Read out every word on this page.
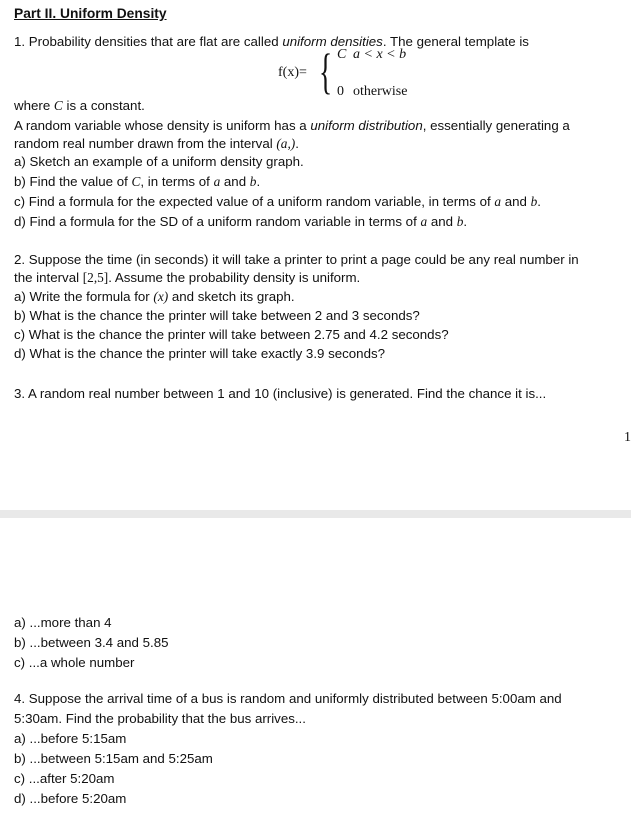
Part II. Uniform Density
1. Probability densities that are flat are called uniform densities. The general template is
f(x)= { C a < x < b
0 otherwise
where C is a constant.
A random variable whose density is uniform has a uniform distribution, essentially generating a
random real number drawn from the interval (a,).
a) Sketch an example of a uniform density graph.
b) Find the value of C, in terms of a and b.
c) Find a formula for the expected value of a uniform random variable, in terms of a and b.
d) Find a formula for the SD of a uniform random variable in terms of a and b.
2. Suppose the time (in seconds) it will take a printer to print a page could be any real number in
the interval [2,5]. Assume the probability density is uniform.
a) Write the formula for (x) and sketch its graph.
b) What is the chance the printer will take between 2 and 3 seconds?
c) What is the chance the printer will take between 2.75 and 4.2 seconds?
d) What is the chance the printer will take exactly 3.9 seconds?
3. A random real number between 1 and 10 (inclusive) is generated. Find the chance it is...
1
a) ...more than 4
b) ...between 3.4 and 5.85
c) ...a whole number
4. Suppose the arrival time of a bus is random and uniformly distributed between 5:00am and
5:30am. Find the probability that the bus arrives...
a) ...before 5:15am
b) ...between 5:15am and 5:25am
c) ...after 5:20am
d) ...before 5:20am
